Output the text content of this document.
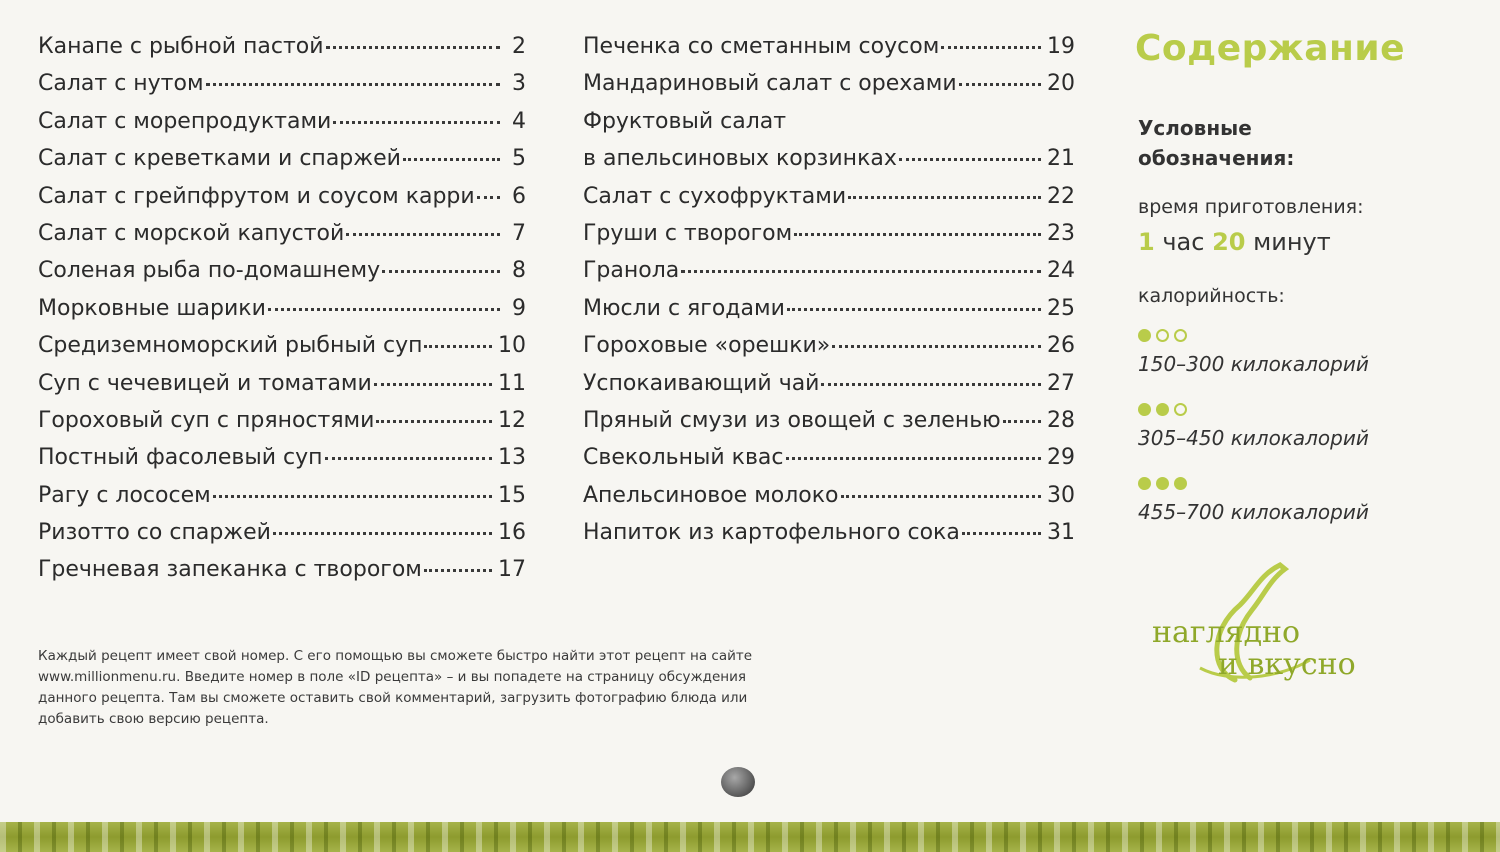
Канапе с рыбной пастой	2
Салат с нутом	3
Салат с морепродуктами	4
Салат с креветками и спаржей	5
Салат с грейпфрутом и соусом карри	6
Салат с морской капустой	7
Соленая рыба по-домашнему	8
Морковные шарики	9
Средиземноморский рыбный суп	10
Суп с чечевицей и томатами	11
Гороховый суп с пряностями	12
Постный фасолевый суп	13
Рагу с лососем	15
Ризотто со спаржей	16
Гречневая запеканка с творогом	17
Печенка со сметанным соусом	19
Мандариновый салат с орехами	20
Фруктовый салат
в апельсиновых корзинках	21
Салат с сухофруктами	22
Груши с творогом	23
Гранола	24
Мюсли с ягодами	25
Гороховые «орешки»	26
Успокаивающий чай	27
Пряный смузи из овощей с зеленью 28
Свекольный квас	29
Апельсиновое молоко	30
Напиток из картофельного сока	31
Содержание
Условные обозначения:
время приготовления:
1 час 20 минут
калорийность:
150–300 килокалорий
305–450 килокалорий
455–700 килокалорий
наглядно
и вкусно
Каждый рецепт имеет свой номер. С его помощью вы сможете быстро найти этот рецепт на сайте www.millionmenu.ru. Введите номер в поле «ID рецепта» – и вы попадете на страницу обсуждения данного рецепта. Там вы сможете оставить свой комментарий, загрузить фотографию блюда или добавить свою версию рецепта.
